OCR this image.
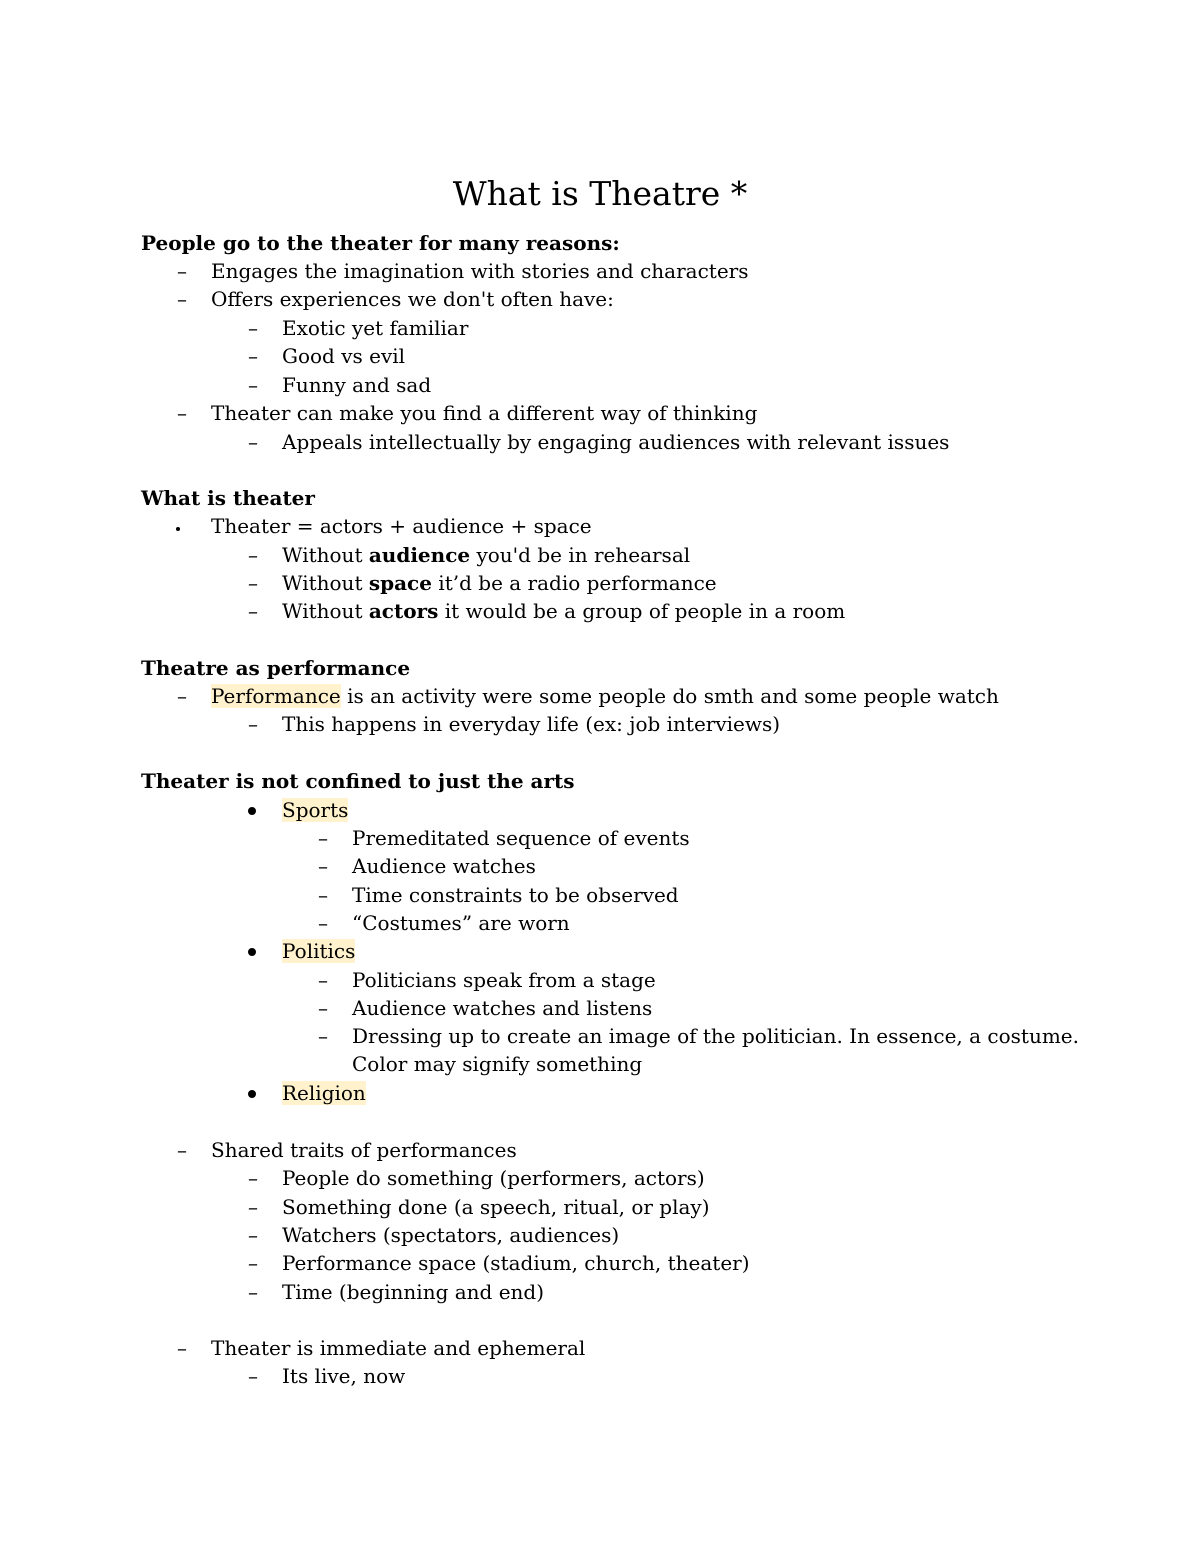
What is Theatre *
People go to the theater for many reasons:
– Engages the imagination with stories and characters
– Offers experiences we don't often have:
– Exotic yet familiar
– Good vs evil
– Funny and sad
– Theater can make you find a different way of thinking
– Appeals intellectually by engaging audiences with relevant issues
What is theater
Theater = actors + audience + space
– Without audience you'd be in rehearsal
– Without space it’d be a radio performance
– Without actors it would be a group of people in a room
Theatre as performance
– Performance is an activity were some people do smth and some people watch
– This happens in everyday life (ex: job interviews)
Theater is not confined to just the arts
Sports
– Premeditated sequence of events
– Audience watches
– Time constraints to be observed
– “Costumes” are worn
Politics
– Politicians speak from a stage
– Audience watches and listens
– Dressing up to create an image of the politician. In essence, a costume.
Color may signify something
Religion
– Shared traits of performances
– People do something (performers, actors)
– Something done (a speech, ritual, or play)
– Watchers (spectators, audiences)
– Performance space (stadium, church, theater)
– Time (beginning and end)
– Theater is immediate and ephemeral
– Its live, now
